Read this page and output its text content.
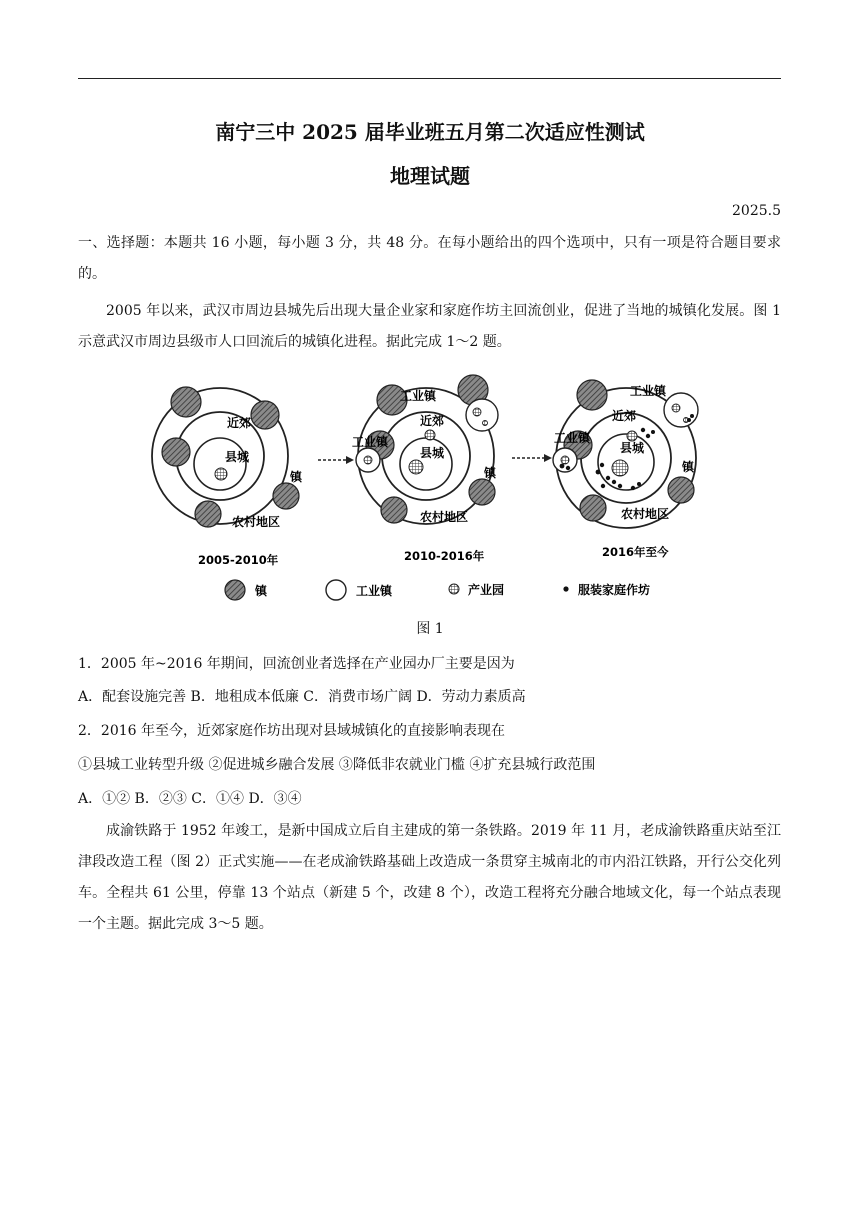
南宁三中 2025 届毕业班五月第二次适应性测试
地理试题
2025.5
一、选择题：本题共 16 小题，每小题 3 分，共 48 分。在每小题给出的四个选项中，只有一项是符合题目要求的。
2005 年以来，武汉市周边县城先后出现大量企业家和家庭作坊主回流创业，促进了当地的城镇化发展。图 1 示意武汉市周边县级市人口回流后的城镇化进程。据此完成 1～2 题。
近郊
县城
镇
农村地区
2005-2010年
工业镇
工业镇
近郊
县城
镇
农村地区
2010-2016年
工业镇
工业镇
近郊
县城
镇
农村地区
2016年至今
镇	工业镇	产业园	服装家庭作坊
图 1
1．2005 年~2016 年期间，回流创业者选择在产业园办厂主要是因为
A．配套设施完善 B．地租成本低廉 C．消费市场广阔 D．劳动力素质高
2．2016 年至今，近郊家庭作坊出现对县域城镇化的直接影响表现在
①县城工业转型升级 ②促进城乡融合发展 ③降低非农就业门槛 ④扩充县城行政范围
A．①② B．②③ C．①④ D．③④
成渝铁路于 1952 年竣工，是新中国成立后自主建成的第一条铁路。2019 年 11 月，老成渝铁路重庆站至江津段改造工程（图 2）正式实施——在老成渝铁路基础上改造成一条贯穿主城南北的市内沿江铁路，开行公交化列车。全程共 61 公里，停靠 13 个站点（新建 5 个，改建 8 个），改造工程将充分融合地域文化，每一个站点表现一个主题。据此完成 3～5 题。
